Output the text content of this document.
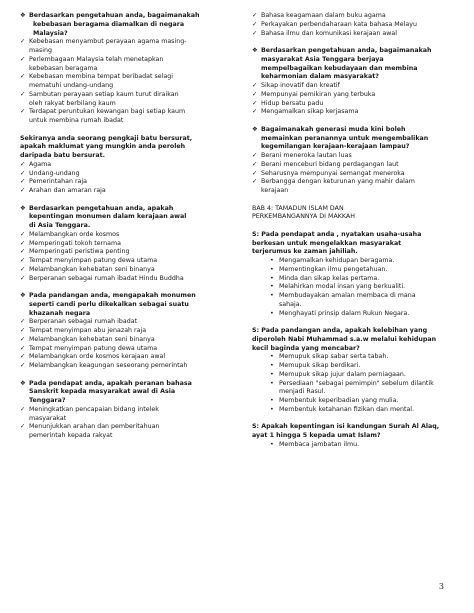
❖ Berdasarkan pengetahuan anda, bagaimanakah
kebebasan beragama diamalkan di negara
Malaysia?
✓ Kebebasan menyambut perayaan agama masing-
masing
✓ Perlembagaan Malaysia telah menetapkan
kebebasan beragama
✓ Kebebasan membina tempat beribadat selagi
mematuhi undang-undang
✓ Sambutan perayaan setiap kaum turut diraikan
oleh rakyat berbilang kaum
✓ Terdapat peruntukan kewangan bagi setiap kaum
untuk membina rumah ibadat
Sekiranya anda seorang pengkaji batu bersurat,
apakah maklumat yang mungkin anda peroleh
daripada batu bersurat.
✓ Agama
✓ Undang-undang
✓ Pemerintahan raja
✓ Arahan dan amaran raja
❖ Berdasarkan pengetahuan anda, apakah
kepentingan monumen dalam kerajaan awal
di Asia Tenggara.
✓ Melambangkan orde kosmos
✓ Memperingati tokoh ternama
✓ Memperingati peristiwa penting
✓ Tempat menyimpan patung dewa utama
✓ Melambangkan kehebatan seni binanya
✓ Berperanan sebagai rumah ibadat Hindu Buddha
❖ Pada pandangan anda, mengapakah monumen
seperti candi perlu dikekalkan sebagai suatu
khazanah negara
✓ Berperanan sebagai rumah ibadat
✓ Tempat menyimpan abu jenazah raja
✓ Melambangkan kehebatan seni binanya
✓ Tempat menyimpan patung dewa utama
✓ Melambangkan orde kosmos kerajaan awal
✓ Melambangkan keagungan seseorang pemerintah
❖ Pada pendapat anda, apakah peranan bahasa
Sanskrit kepada masyarakat awal di Asia
Tenggara?
✓ Meningkatkan pencapaian bidang intelek
masyarakat
✓ Menunjukkan arahan dan pemberitahuan
pemerintah kepada rakyat
✓ Bahasa keagamaan dalam buku agama
✓ Perkayakan perbendaharaan kata bahasa Melayu
✓ Bahasa ilmu dan komunikasi kerajaan awal
❖ Berdasarkan pengetahuan anda, bagaimanakah
masyarakat Asia Tenggara berjaya
mempelbagaikan kebudayaan dan membina
keharmonian dalam masyarakat?
✓ Sikap inovatif dan kreatif
✓ Mempunyai pemikiran yang terbuka
✓ Hidup bersatu padu
✓ Mengamalkan sikap kerjasama
❖ Bagaimanakah generasi muda kini boleh
memainkan peranannya untuk mengembalikan
kegemilangan kerajaan-kerajaan lampau?
✓ Berani meneroka lautan luas
✓ Berani menceburi bidang perdagangan laut
✓ Seharusnya mempunyai semangat meneroka
✓ Berbangga dengan keturunan yang mahir dalam
kerajaan
BAB 4: TAMADUN ISLAM DAN
PERKEMBANGANNYA DI MAKKAH
S: Pada pendapat anda , nyatakan usaha-usaha
berkesan untuk mengelakkan masyarakat
terjerumus ke zaman jahiliah.
• Mengamalkan kehidupan beragama.
• Mementingkan ilmu pengetahuan.
• Minda dan sikap kelas pertama.
• Melahirkan modal insan yang berkualiti.
• Membudayakan amalan membaca di mana
sahaja.
• Menghayati prinsip dalam Rukun Negara.
S: Pada pandangan anda, apakah kelebihan yang
diperoleh Nabi Muhammad s.a.w melalui kehidupan
kecil baginda yang mencabar?
• Memupuk sikap sabar serta tabah.
• Memupuk sikap berdikari.
• Memupuk sikap jujur dalam perniagaan.
• Persediaan "sebagai pemimpin" sebelum dilantik
menjadi Rasul.
• Membentuk keperibadian yang mulia.
• Membentuk ketahanan fizikan dan mental.
S: Apakah kepentingan isi kandungan Surah Al Alaq,
ayat 1 hingga 5 kepada umat Islam?
• Membaca jambatan ilmu.
3
